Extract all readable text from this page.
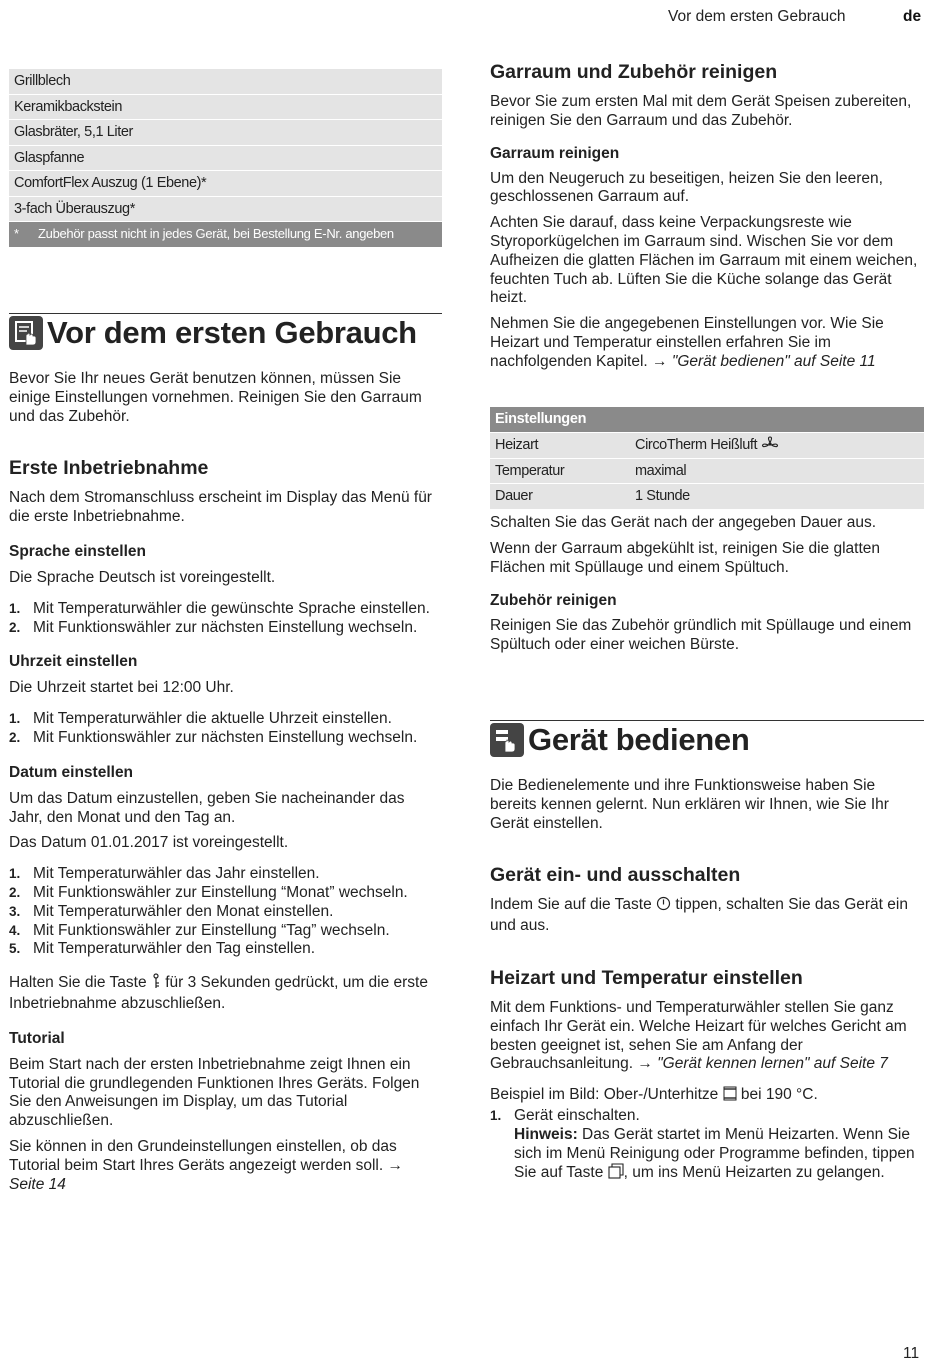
Vor dem ersten Gebrauch	de
Grillblech
Keramikbackstein
Glasbräter, 5,1 Liter
Glaspfanne
ComfortFlex Auszug (1 Ebene)*
3-fach Überauszug*
* Zubehör passt nicht in jedes Gerät, bei Bestellung E-Nr. angeben
Vor dem ersten Gebrauch

Bevor Sie Ihr neues Gerät benutzen können, müssen Sie einige Einstellungen vornehmen. Reinigen Sie den Garraum und das Zubehör.

Erste Inbetriebnahme

Nach dem Stromanschluss erscheint im Display das Menü für die erste Inbetriebnahme.

Sprache einstellen

Die Sprache Deutsch ist voreingestellt.

1. Mit Temperaturwähler die gewünschte Sprache einstellen.
2. Mit Funktionswähler zur nächsten Einstellung wechseln.
Uhrzeit einstellen

Die Uhrzeit startet bei 12:00 Uhr.

1. Mit Temperaturwähler die aktuelle Uhrzeit einstellen.
2. Mit Funktionswähler zur nächsten Einstellung wechseln.
Datum einstellen

Um das Datum einzustellen, geben Sie nacheinander das Jahr, den Monat und den Tag an.

Das Datum 01.01.2017 ist voreingestellt.

1. Mit Temperaturwähler das Jahr einstellen.
2. Mit Funktionswähler zur Einstellung “Monat” wechseln.
3. Mit Temperaturwähler den Monat einstellen.
4. Mit Funktionswähler zur Einstellung “Tag” wechseln.
5. Mit Temperaturwähler den Tag einstellen.

Halten Sie die Taste  für 3 Sekunden gedrückt, um die erste Inbetriebnahme abzuschließen.

Tutorial

Beim Start nach der ersten Inbetriebnahme zeigt Ihnen ein Tutorial die grundlegenden Funktionen Ihres Geräts. Folgen Sie den Anweisungen im Display, um das Tutorial abzuschließen.

Sie können in den Grundeinstellungen einstellen, ob das Tutorial beim Start Ihres Geräts angezeigt werden soll. → Seite 14

Garraum und Zubehör reinigen

Bevor Sie zum ersten Mal mit dem Gerät Speisen zubereiten, reinigen Sie den Garraum und das Zubehör.

Garraum reinigen

Um den Neugeruch zu beseitigen, heizen Sie den leeren, geschlossenen Garraum auf.

Achten Sie darauf, dass keine Verpackungsreste wie Styroporkügelchen im Garraum sind. Wischen Sie vor dem Aufheizen die glatten Flächen im Garraum mit einem weichen, feuchten Tuch ab. Lüften Sie die Küche solange das Gerät heizt.

Nehmen Sie die angegebenen Einstellungen vor. Wie Sie Heizart und Temperatur einstellen erfahren Sie im nachfolgenden Kapitel. → "Gerät bedienen" auf Seite 11

Einstellungen
Heizart	CircoTherm Heißluft
Temperatur	maximal
Dauer	1 Stunde

Schalten Sie das Gerät nach der angegeben Dauer aus.

Wenn der Garraum abgekühlt ist, reinigen Sie die glatten Flächen mit Spüllauge und einem Spültuch.

Zubehör reinigen

Reinigen Sie das Zubehör gründlich mit Spüllauge und einem Spültuch oder einer weichen Bürste.

Gerät bedienen

Die Bedienelemente und ihre Funktionsweise haben Sie bereits kennen gelernt. Nun erklären wir Ihnen, wie Sie Ihr Gerät einstellen.

Gerät ein- und ausschalten

Indem Sie auf die Taste  tippen, schalten Sie das Gerät ein und aus.

Heizart und Temperatur einstellen

Mit dem Funktions- und Temperaturwähler stellen Sie ganz einfach Ihr Gerät ein. Welche Heizart für welches Gericht am besten geeignet ist, sehen Sie am Anfang der Gebrauchsanleitung. → "Gerät kennen lernen" auf Seite 7

Beispiel im Bild: Ober-/Unterhitze  bei 190 °C.

1. Gerät einschalten.

Hinweis: Das Gerät startet im Menü Heizarten. Wenn Sie sich im Menü Reinigung oder Programme befinden, tippen Sie auf Taste , um ins Menü Heizarten zu gelangen.

11
